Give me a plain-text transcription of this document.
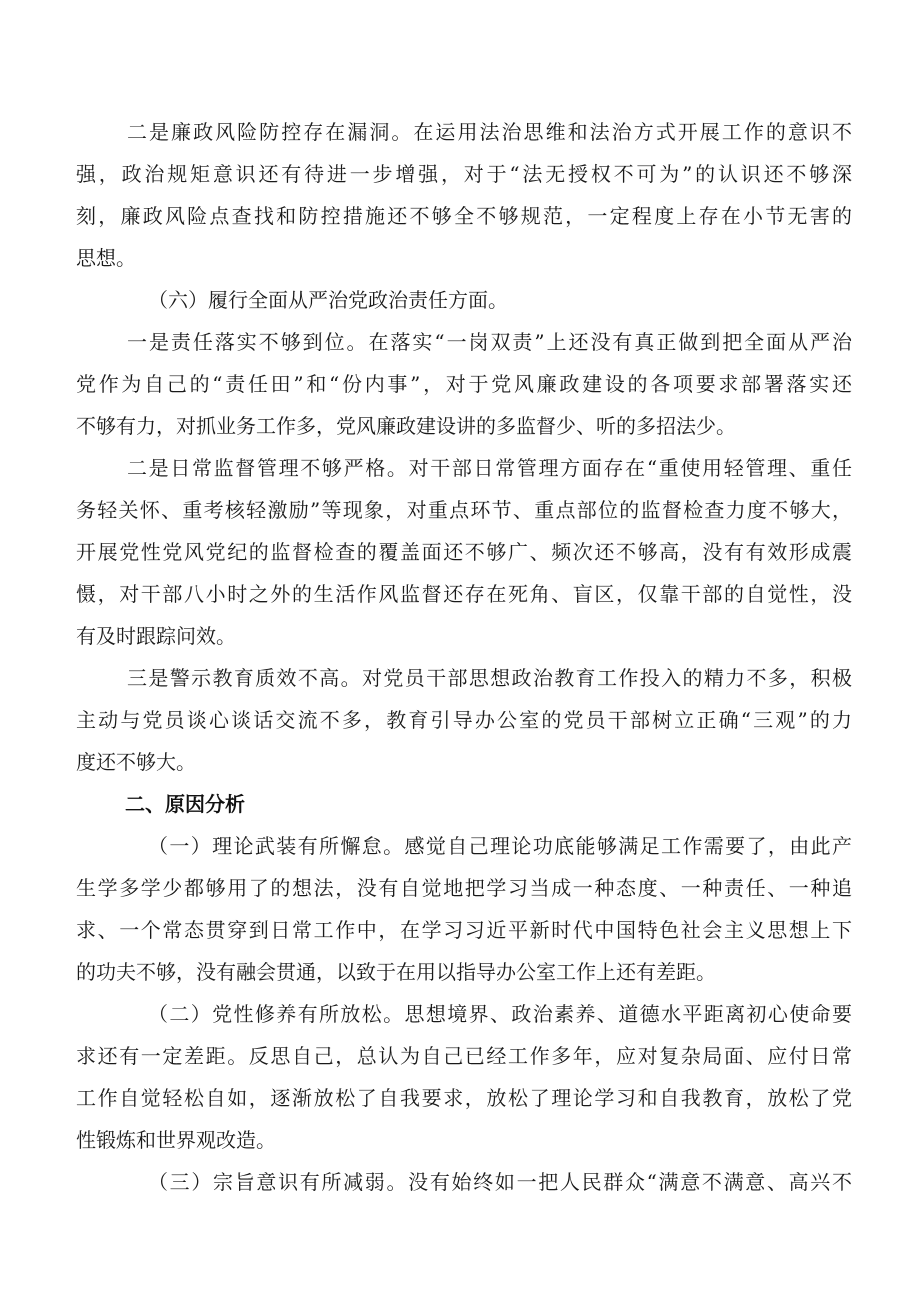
二是廉政风险防控存在漏洞。在运用法治思维和法治方式开展工作的意识不

强，政治规矩意识还有待进一步增强，对于“法无授权不可为”的认识还不够深

刻，廉政风险点查找和防控措施还不够全不够规范，一定程度上存在小节无害的

思想。

（六）履行全面从严治党政治责任方面。

一是责任落实不够到位。在落实“一岗双责”上还没有真正做到把全面从严治

党作为自己的“责任田”和“份内事”，对于党风廉政建设的各项要求部署落实还

不够有力，对抓业务工作多，党风廉政建设讲的多监督少、听的多招法少。

二是日常监督管理不够严格。对干部日常管理方面存在“重使用轻管理、重任

务轻关怀、重考核轻激励”等现象，对重点环节、重点部位的监督检查力度不够大，

开展党性党风党纪的监督检查的覆盖面还不够广、频次还不够高，没有有效形成震

慑，对干部八小时之外的生活作风监督还存在死角、盲区，仅靠干部的自觉性，没

有及时跟踪问效。

三是警示教育质效不高。对党员干部思想政治教育工作投入的精力不多，积极

主动与党员谈心谈话交流不多，教育引导办公室的党员干部树立正确“三观”的力

度还不够大。

二、原因分析

（一）理论武装有所懈怠。感觉自己理论功底能够满足工作需要了，由此产

生学多学少都够用了的想法，没有自觉地把学习当成一种态度、一种责任、一种追

求、一个常态贯穿到日常工作中，在学习习近平新时代中国特色社会主义思想上下

的功夫不够，没有融会贯通，以致于在用以指导办公室工作上还有差距。

（二）党性修养有所放松。思想境界、政治素养、道德水平距离初心使命要

求还有一定差距。反思自己，总认为自己已经工作多年，应对复杂局面、应付日常

工作自觉轻松自如，逐渐放松了自我要求，放松了理论学习和自我教育，放松了党

性锻炼和世界观改造。

（三）宗旨意识有所减弱。没有始终如一把人民群众“满意不满意、高兴不
